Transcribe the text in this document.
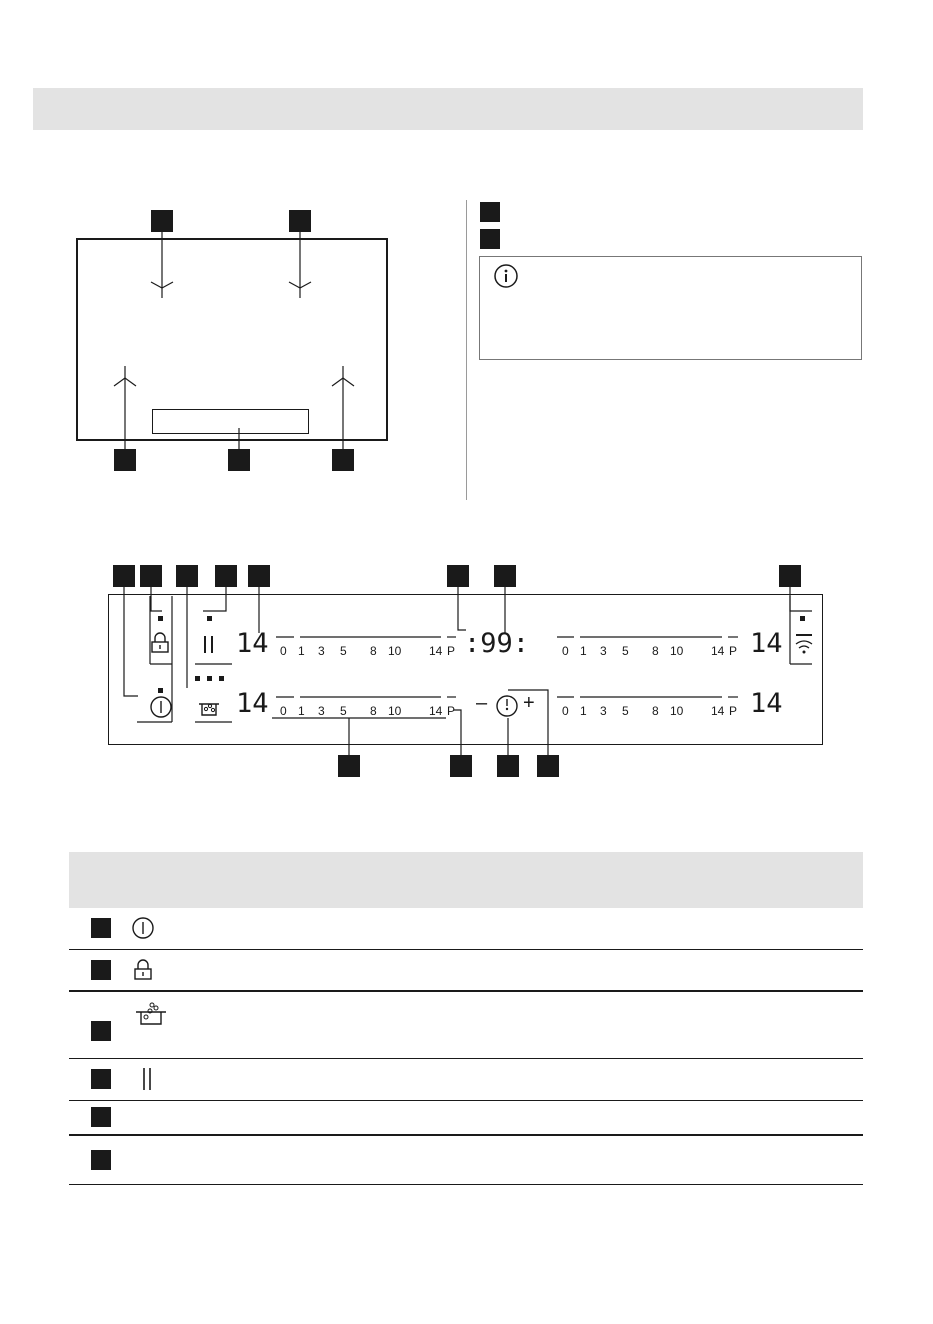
– +
14
14
14
14
:99:
0 1 3 5 8 10 14 P
0 1 3 5 8 10 14 P
0 1 3 5 8 10 14 P
0 1 3 5 8 10 14 P
